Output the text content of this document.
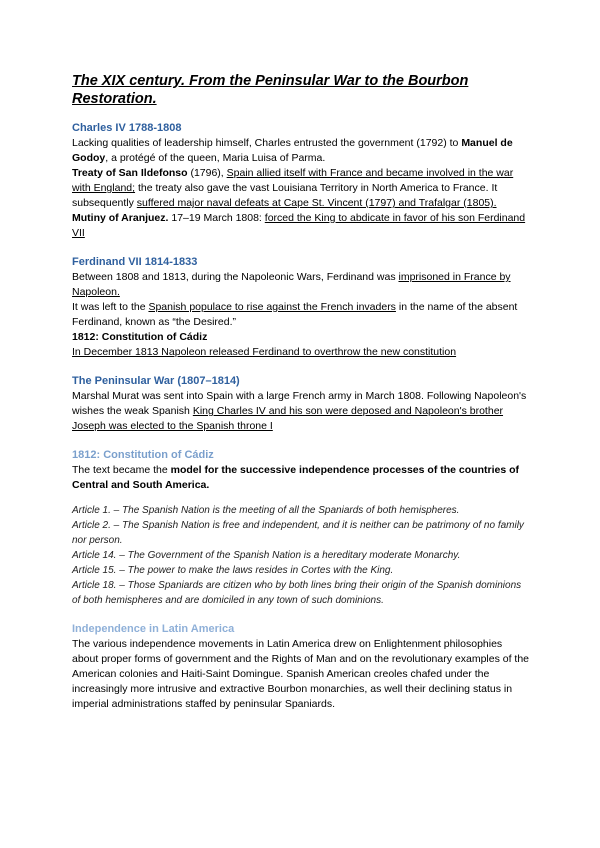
The XIX century. From the Peninsular War to the Bourbon Restoration.

Charles IV 1788-1808

Lacking qualities of leadership himself, Charles entrusted the government (1792) to Manuel de Godoy, a protégé of the queen, Maria Luisa of Parma.

Treaty of San Ildefonso (1796), Spain allied itself with France and became involved in the war with England; the treaty also gave the vast Louisiana Territory in North America to France. It subsequently suffered major naval defeats at Cape St. Vincent (1797) and Trafalgar (1805).

Mutiny of Aranjuez. 17–19 March 1808: forced the King to abdicate in favor of his son Ferdinand VII

Ferdinand VII 1814-1833

Between 1808 and 1813, during the Napoleonic Wars, Ferdinand was imprisoned in France by Napoleon.

It was left to the Spanish populace to rise against the French invaders in the name of the absent Ferdinand, known as “the Desired.”

1812: Constitution of Cádiz

In December 1813 Napoleon released Ferdinand to overthrow the new constitution

The Peninsular War (1807–1814)

Marshal Murat was sent into Spain with a large French army in March 1808. Following Napoleon's wishes the weak Spanish King Charles IV and his son were deposed and Napoleon's brother Joseph was elected to the Spanish throne I

1812: Constitution of Cádiz

The text became the model for the successive independence processes of the countries of Central and South America.

Article 1. – The Spanish Nation is the meeting of all the Spaniards of both hemispheres.

Article 2. – The Spanish Nation is free and independent, and it is neither can be patrimony of no family nor person.

Article 14. – The Government of the Spanish Nation is a hereditary moderate Monarchy.

Article 15. – The power to make the laws resides in Cortes with the King.

Article 18. – Those Spaniards are citizen who by both lines bring their origin of the Spanish dominions of both hemispheres and are domiciled in any town of such dominions.

Independence in Latin America

The various independence movements in Latin America drew on Enlightenment philosophies about proper forms of government and the Rights of Man and on the revolutionary examples of the American colonies and Haiti-Saint Domingue. Spanish American creoles chafed under the increasingly more intrusive and extractive Bourbon monarchies, as well their declining status in imperial administrations staffed by peninsular Spaniards.
